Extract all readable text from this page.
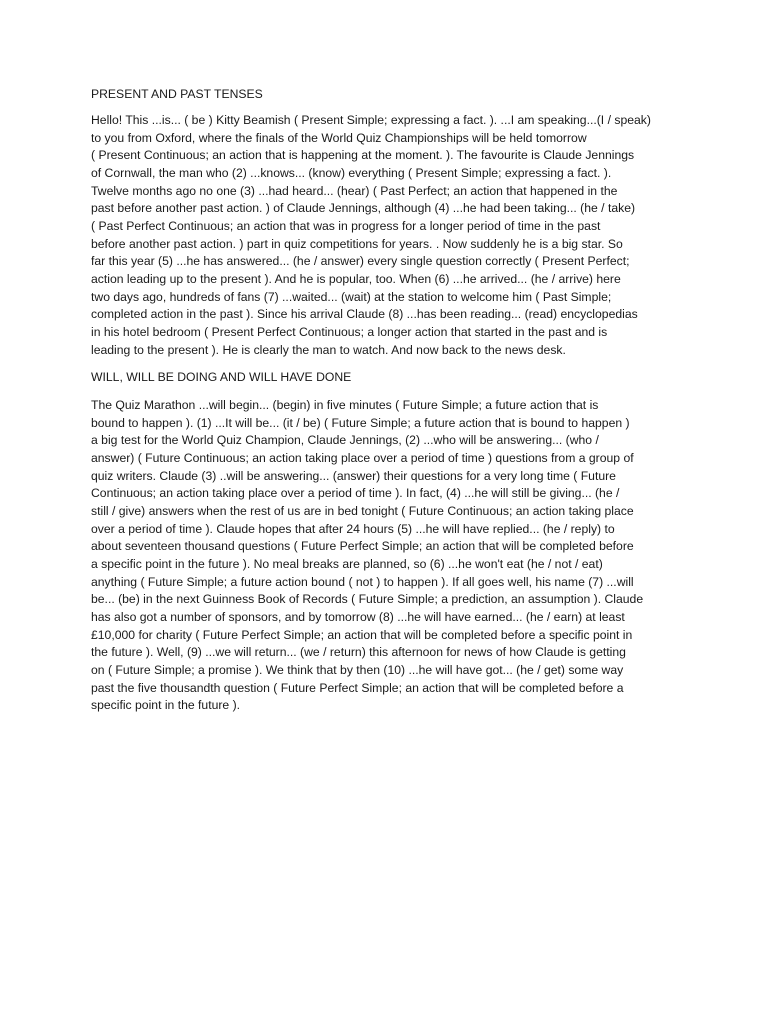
PRESENT AND PAST TENSES
Hello! This ...is... ( be ) Kitty Beamish ( Present Simple; expressing a fact. ). ...I am speaking...(I / speak)
to you from Oxford, where the finals of the World Quiz Championships will be held tomorrow
( Present Continuous; an action that is happening at the moment. ). The favourite is Claude Jennings
of Cornwall, the man who (2) ...knows... (know) everything ( Present Simple; expressing a fact. ).
Twelve months ago no one (3) ...had heard... (hear) ( Past Perfect; an action that happened in the
past before another past action. ) of Claude Jennings, although (4) ...he had been taking... (he / take)
( Past Perfect Continuous; an action that was in progress for a longer period of time in the past
before another past action. ) part in quiz competitions for years. . Now suddenly he is a big star. So
far this year (5) ...he has answered... (he / answer) every single question correctly ( Present Perfect;
action leading up to the present ). And he is popular, too. When (6) ...he arrived... (he / arrive) here
two days ago, hundreds of fans (7) ...waited... (wait) at the station to welcome him ( Past Simple;
completed action in the past ). Since his arrival Claude (8) ...has been reading... (read) encyclopedias
in his hotel bedroom ( Present Perfect Continuous; a longer action that started in the past and is
leading to the present ). He is clearly the man to watch. And now back to the news desk.
WILL, WILL BE DOING AND WILL HAVE DONE
The Quiz Marathon ...will begin... (begin) in five minutes ( Future Simple; a future action that is
bound to happen ). (1) ...It will be... (it / be) ( Future Simple; a future action that is bound to happen )
a big test for the World Quiz Champion, Claude Jennings, (2) ...who will be answering... (who /
answer) ( Future Continuous; an action taking place over a period of time ) questions from a group of
quiz writers. Claude (3) ..will be answering... (answer) their questions for a very long time ( Future
Continuous; an action taking place over a period of time ). In fact, (4) ...he will still be giving... (he /
still / give) answers when the rest of us are in bed tonight ( Future Continuous; an action taking place
over a period of time ). Claude hopes that after 24 hours (5) ...he will have replied... (he / reply) to
about seventeen thousand questions ( Future Perfect Simple; an action that will be completed before
a specific point in the future ). No meal breaks are planned, so (6) ...he won't eat (he / not / eat)
anything ( Future Simple; a future action bound ( not ) to happen ). If all goes well, his name (7) ...will
be... (be) in the next Guinness Book of Records ( Future Simple; a prediction, an assumption ). Claude
has also got a number of sponsors, and by tomorrow (8) ...he will have earned... (he / earn) at least
£10,000 for charity ( Future Perfect Simple; an action that will be completed before a specific point in
the future ). Well, (9) ...we will return... (we / return) this afternoon for news of how Claude is getting
on ( Future Simple; a promise ). We think that by then (10) ...he will have got... (he / get) some way
past the five thousandth question ( Future Perfect Simple; an action that will be completed before a
specific point in the future ).
